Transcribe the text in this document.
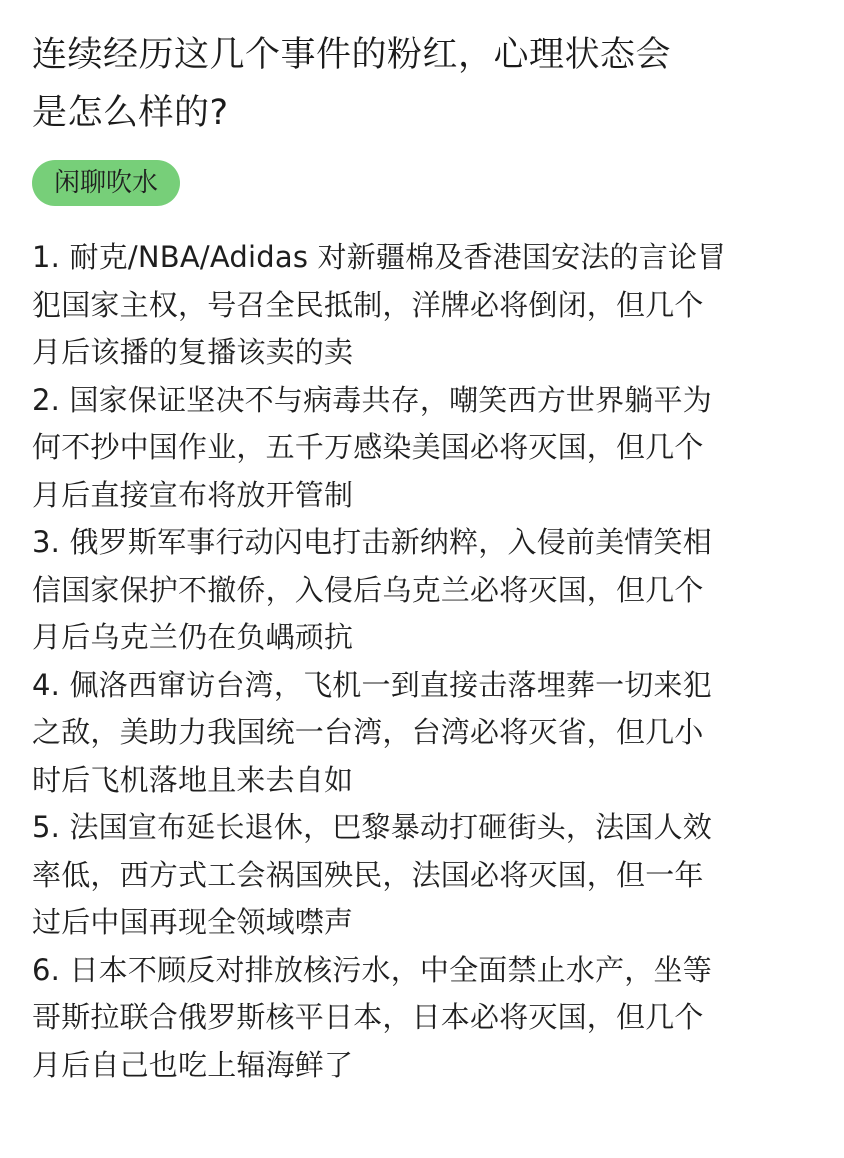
连续经历这几个事件的粉红，心理状态会
是怎么样的?
闲聊吹水
1. 耐克/NBA/Adidas 对新疆棉及香港国安法的言论冒
犯国家主权，号召全民抵制，洋牌必将倒闭，但几个
月后该播的复播该卖的卖
2. 国家保证坚决不与病毒共存，嘲笑西方世界躺平为
何不抄中国作业，五千万感染美国必将灭国，但几个
月后直接宣布将放开管制
3. 俄罗斯军事行动闪电打击新纳粹，入侵前美情笑相
信国家保护不撤侨，入侵后乌克兰必将灭国，但几个
月后乌克兰仍在负嵎顽抗
4. 佩洛西窜访台湾，飞机一到直接击落埋葬一切来犯
之敌，美助力我国统一台湾，台湾必将灭省，但几小
时后飞机落地且来去自如
5. 法国宣布延长退休，巴黎暴动打砸街头，法国人效
率低，西方式工会祸国殃民，法国必将灭国，但一年
过后中国再现全领域噤声
6. 日本不顾反对排放核污水，中全面禁止水产，坐等
哥斯拉联合俄罗斯核平日本，日本必将灭国，但几个
月后自己也吃上辐海鲜了
